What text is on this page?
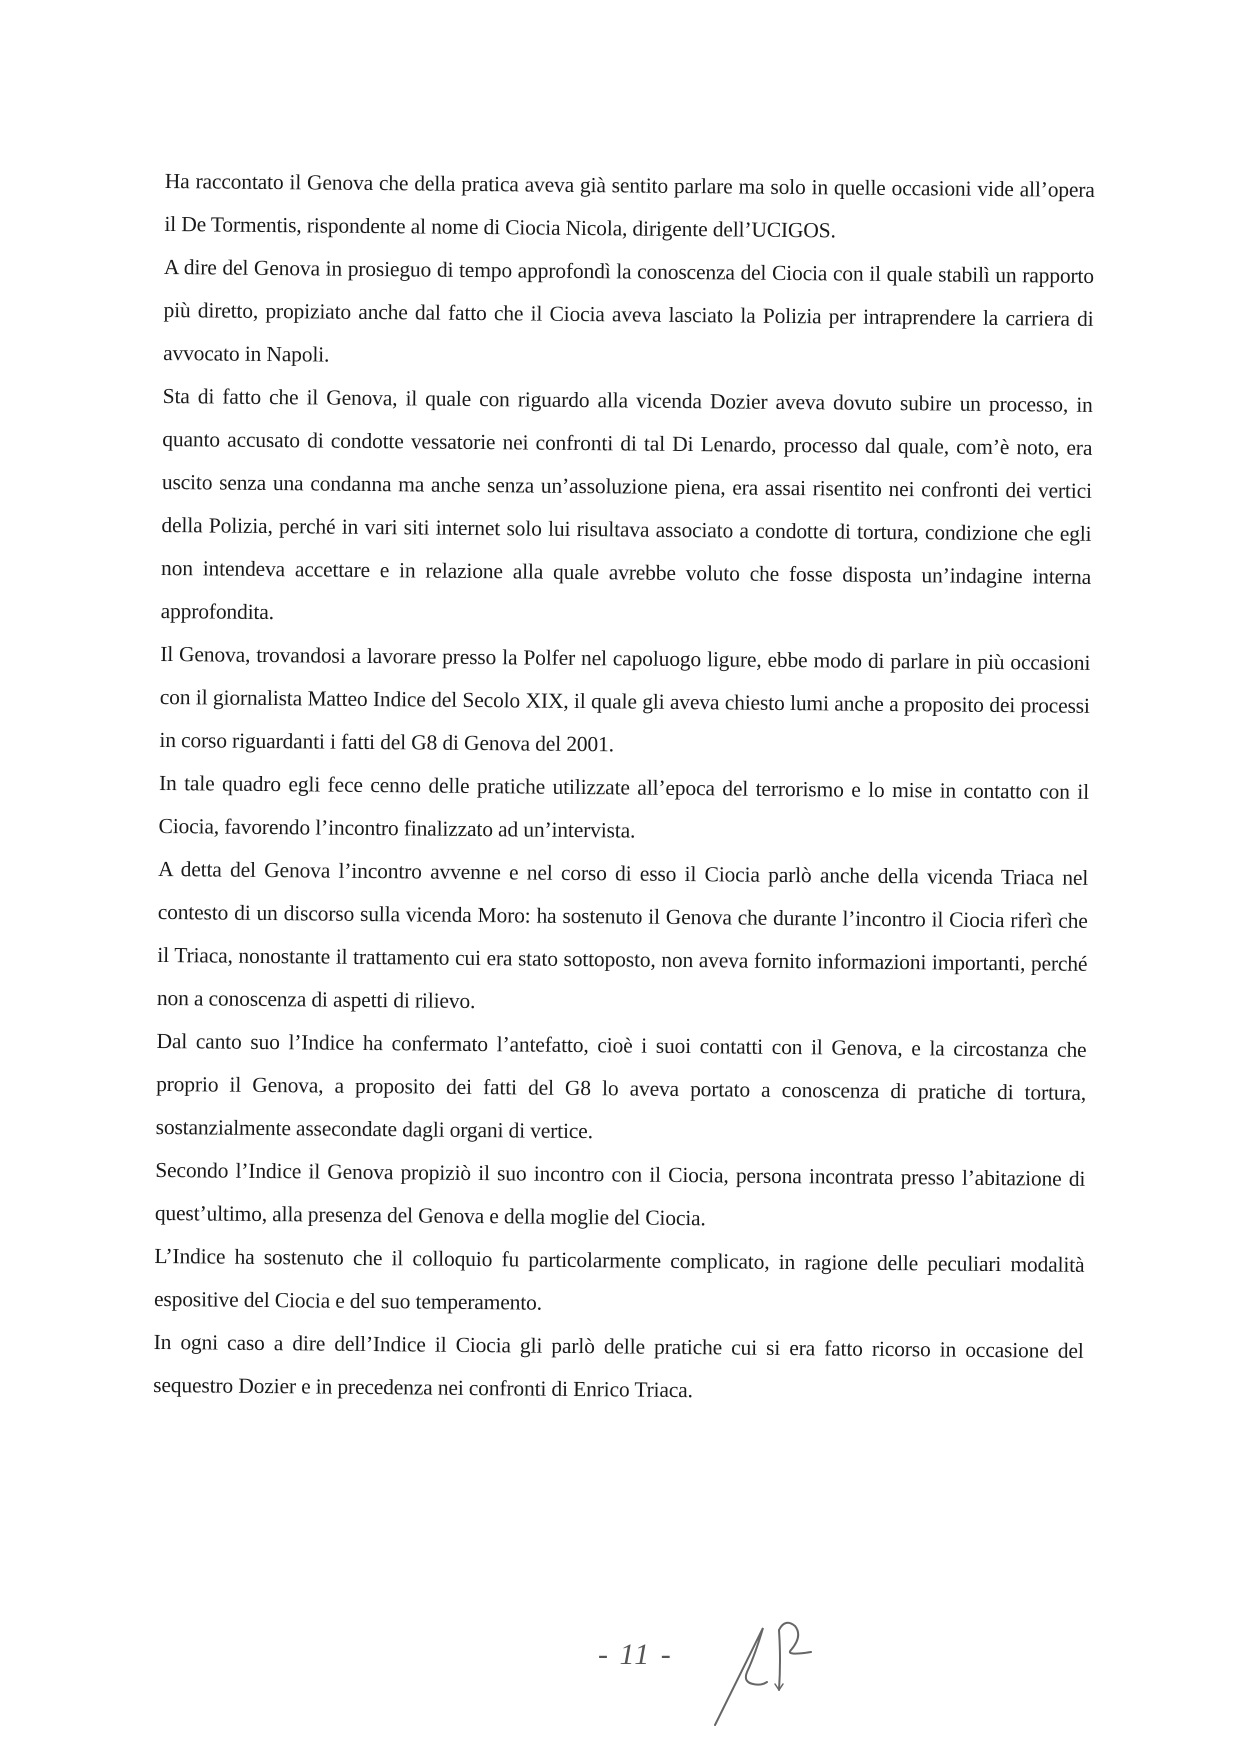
Ha raccontato il Genova che della pratica aveva già sentito parlare ma solo in quelle occasioni vide all’opera il De Tormentis, rispondente al nome di Ciocia Nicola, dirigente dell’UCIGOS.

A dire del Genova in prosieguo di tempo approfondì la conoscenza del Ciocia con il quale stabilì un rapporto più diretto, propiziato anche dal fatto che il Ciocia aveva lasciato la Polizia per intraprendere la carriera di avvocato in Napoli.

Sta di fatto che il Genova, il quale con riguardo alla vicenda Dozier aveva dovuto subire un processo, in quanto accusato di condotte vessatorie nei confronti di tal Di Lenardo, processo dal quale, com’è noto, era uscito senza una condanna ma anche senza un’assoluzione piena, era assai risentito nei confronti dei vertici della Polizia, perché in vari siti internet solo lui risultava associato a condotte di tortura, condizione che egli non intendeva accettare e in relazione alla quale avrebbe voluto che fosse disposta un’indagine interna approfondita.

Il Genova, trovandosi a lavorare presso la Polfer nel capoluogo ligure, ebbe modo di parlare in più occasioni con il giornalista Matteo Indice del Secolo XIX, il quale gli aveva chiesto lumi anche a proposito dei processi in corso riguardanti i fatti del G8 di Genova del 2001.

In tale quadro egli fece cenno delle pratiche utilizzate all’epoca del terrorismo e lo mise in contatto con il Ciocia, favorendo l’incontro finalizzato ad un’intervista.

A detta del Genova l’incontro avvenne e nel corso di esso il Ciocia parlò anche della vicenda Triaca nel contesto di un discorso sulla vicenda Moro: ha sostenuto il Genova che durante l’incontro il Ciocia riferì che il Triaca, nonostante il trattamento cui era stato sottoposto, non aveva fornito informazioni importanti, perché non a conoscenza di aspetti di rilievo.

Dal canto suo l’Indice ha confermato l’antefatto, cioè i suoi contatti con il Genova, e la circostanza che proprio il Genova, a proposito dei fatti del G8 lo aveva portato a conoscenza di pratiche di tortura, sostanzialmente assecondate dagli organi di vertice.

Secondo l’Indice il Genova propiziò il suo incontro con il Ciocia, persona incontrata presso l’abitazione di quest’ultimo, alla presenza del Genova e della moglie del Ciocia.

L’Indice ha sostenuto che il colloquio fu particolarmente complicato, in ragione delle peculiari modalità espositive del Ciocia e del suo temperamento.

In ogni caso a dire dell’Indice il Ciocia gli parlò delle pratiche cui si era fatto ricorso in occasione del sequestro Dozier e in precedenza nei confronti di Enrico Triaca.

- 11 -
